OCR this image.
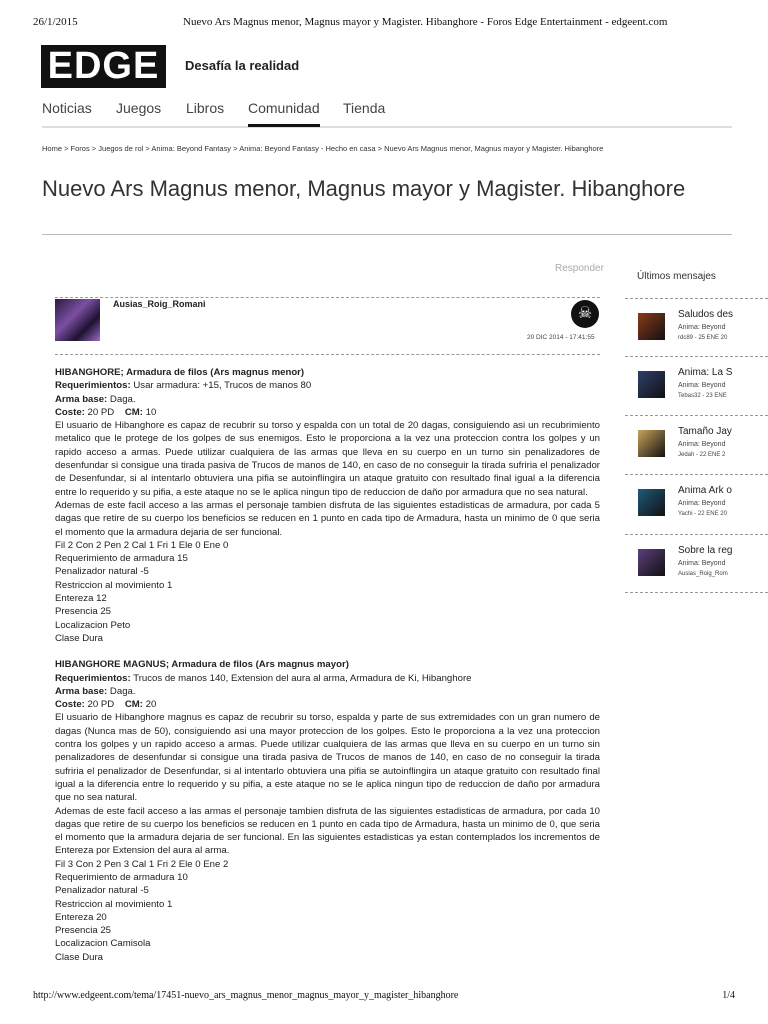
26/1/2015	Nuevo Ars Magnus menor, Magnus mayor y Magister. Hibanghore - Foros Edge Entertainment - edgeent.com
EDGE	Desafía la realidad
Noticias Juegos Libros Comunidad Tienda
Home > Foros > Juegos de rol > Anima: Beyond Fantasy > Anima: Beyond Fantasy - Hecho en casa > Nuevo Ars Magnus menor, Magnus mayor y Magister. Hibanghore
Nuevo Ars Magnus menor, Magnus mayor y Magister. Hibanghore
Responder
Ausias_Roig_Romani
☠
20 DIC 2014 - 17:41:55
HIBANGHORE; Armadura de filos (Ars magnus menor)
Requerimientos: Usar armadura: +15, Trucos de manos 80
Arma base: Daga.
Coste: 20 PD CM: 10

El usuario de Hibanghore es capaz de recubrir su torso y espalda con un total de 20 dagas, consiguiendo asi un recubrimiento metalico que le protege de los golpes de sus enemigos. Esto le proporciona a la vez una proteccion contra los golpes y un rapido acceso a armas. Puede utilizar cualquiera de las armas que lleva en su cuerpo en un turno sin penalizadores de desenfundar si consigue una tirada pasiva de Trucos de manos de 140, en caso de no conseguir la tirada sufriria el penalizador de Desenfundar, si al intentarlo obtuviera una pifia se autoinflingira un ataque gratuito con resultado final igual a la diferencia entre lo requerido y su pifia, a este ataque no se le aplica ningun tipo de reduccion de daño por armadura que no sea natural.

Ademas de este facil acceso a las armas el personaje tambien disfruta de las siguientes estadisticas de armadura, por cada 5 dagas que retire de su cuerpo los beneficios se reducen en 1 punto en cada tipo de Armadura, hasta un minimo de 0 que seria el momento que la armadura dejaria de ser funcional.

Fil 2 Con 2 Pen 2 Cal 1 Fri 1 Ele 0 Ene 0
Requerimiento de armadura 15
Penalizador natural -5
Restriccion al movimiento 1
Entereza 12
Presencia 25
Localizacion Peto
Clase Dura
HIBANGHORE MAGNUS; Armadura de filos (Ars magnus mayor)
Requerimientos: Trucos de manos 140, Extension del aura al arma, Armadura de Ki, Hibanghore
Arma base: Daga.
Coste: 20 PD CM: 20

El usuario de Hibanghore magnus es capaz de recubrir su torso, espalda y parte de sus extremidades con un gran numero de dagas (Nunca mas de 50), consiguiendo asi una mayor proteccion de los golpes. Esto le proporciona a la vez una proteccion contra los golpes y un rapido acceso a armas. Puede utilizar cualquiera de las armas que lleva en su cuerpo en un turno sin penalizadores de desenfundar si consigue una tirada pasiva de Trucos de manos de 140, en caso de no conseguir la tirada sufriria el penalizador de Desenfundar, si al intentarlo obtuviera una pifia se autoinflingira un ataque gratuito con resultado final igual a la diferencia entre lo requerido y su pifia, a este ataque no se le aplica ningun tipo de reduccion de daño por armadura que no sea natural.

Ademas de este facil acceso a las armas el personaje tambien disfruta de las siguientes estadisticas de armadura, por cada 10 dagas que retire de su cuerpo los beneficios se reducen en 1 punto en cada tipo de Armadura, hasta un minimo de 0, que seria el momento que la armadura dejaria de ser funcional. En las siguientes estadisticas ya estan contemplados los incrementos de Entereza por Extension del aura al arma.

Fil 3 Con 2 Pen 3 Cal 1 Fri 2 Ele 0 Ene 2
Requerimiento de armadura 10
Penalizador natural -5
Restriccion al movimiento 1
Entereza 20
Presencia 25
Localizacion Camisola
Clase Dura
Últimos mensajes
Saludos des
Anima: Beyond
rdc89 - 25 ENE 20
Anima: La S
Anima: Beyond
Tebas32 - 23 ENE
Tamaño Jay
Anima: Beyond
Jedah - 22 ENE 2
Anima Ark o
Anima: Beyond
Yachi - 22 ENE 20
Sobre la reg
Anima: Beyond
Ausias_Roig_Rom
http://www.edgeent.com/tema/17451-nuevo_ars_magnus_menor_magnus_mayor_y_magister_hibanghore	1/4
